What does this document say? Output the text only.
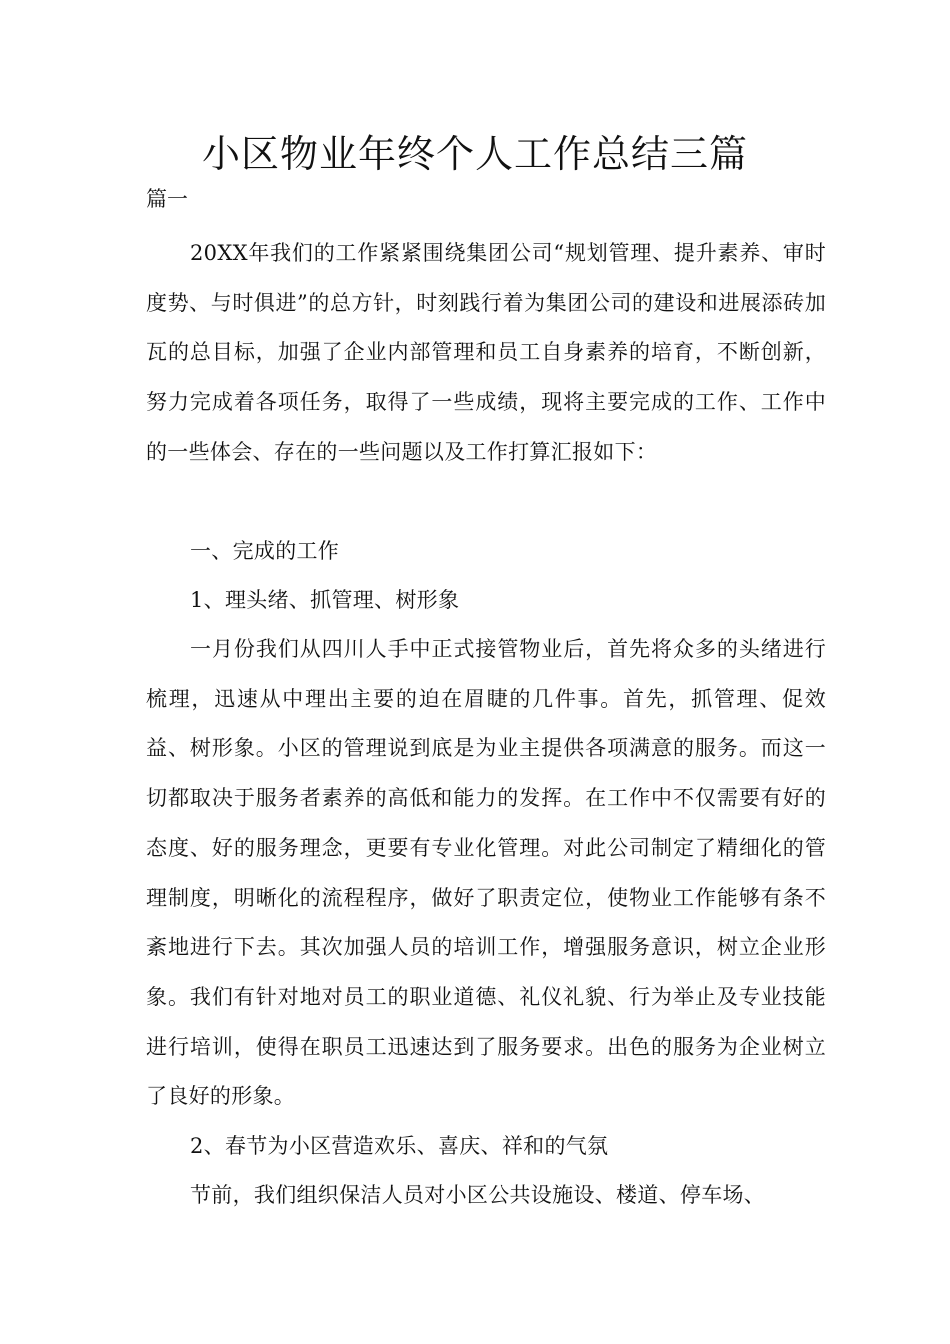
小区物业年终个人工作总结三篇

篇一

20XX年我们的工作紧紧围绕集团公司“规划管理、提升素养、审时度势、与时俱进”的总方针，时刻践行着为集团公司的建设和进展添砖加瓦的总目标，加强了企业内部管理和员工自身素养的培育，不断创新，努力完成着各项任务，取得了一些成绩，现将主要完成的工作、工作中的一些体会、存在的一些问题以及工作打算汇报如下：

一、完成的工作

1、理头绪、抓管理、树形象

一月份我们从四川人手中正式接管物业后，首先将众多的头绪进行梳理，迅速从中理出主要的迫在眉睫的几件事。首先，抓管理、促效益、树形象。小区的管理说到底是为业主提供各项满意的服务。而这一切都取决于服务者素养的高低和能力的发挥。在工作中不仅需要有好的态度、好的服务理念，更要有专业化管理。对此公司制定了精细化的管理制度，明晰化的流程程序，做好了职责定位，使物业工作能够有条不紊地进行下去。其次加强人员的培训工作，增强服务意识，树立企业形象。我们有针对地对员工的职业道德、礼仪礼貌、行为举止及专业技能进行培训，使得在职员工迅速达到了服务要求。出色的服务为企业树立了良好的形象。

2、春节为小区营造欢乐、喜庆、祥和的气氛

节前，我们组织保洁人员对小区公共设施设、楼道、停车场、
